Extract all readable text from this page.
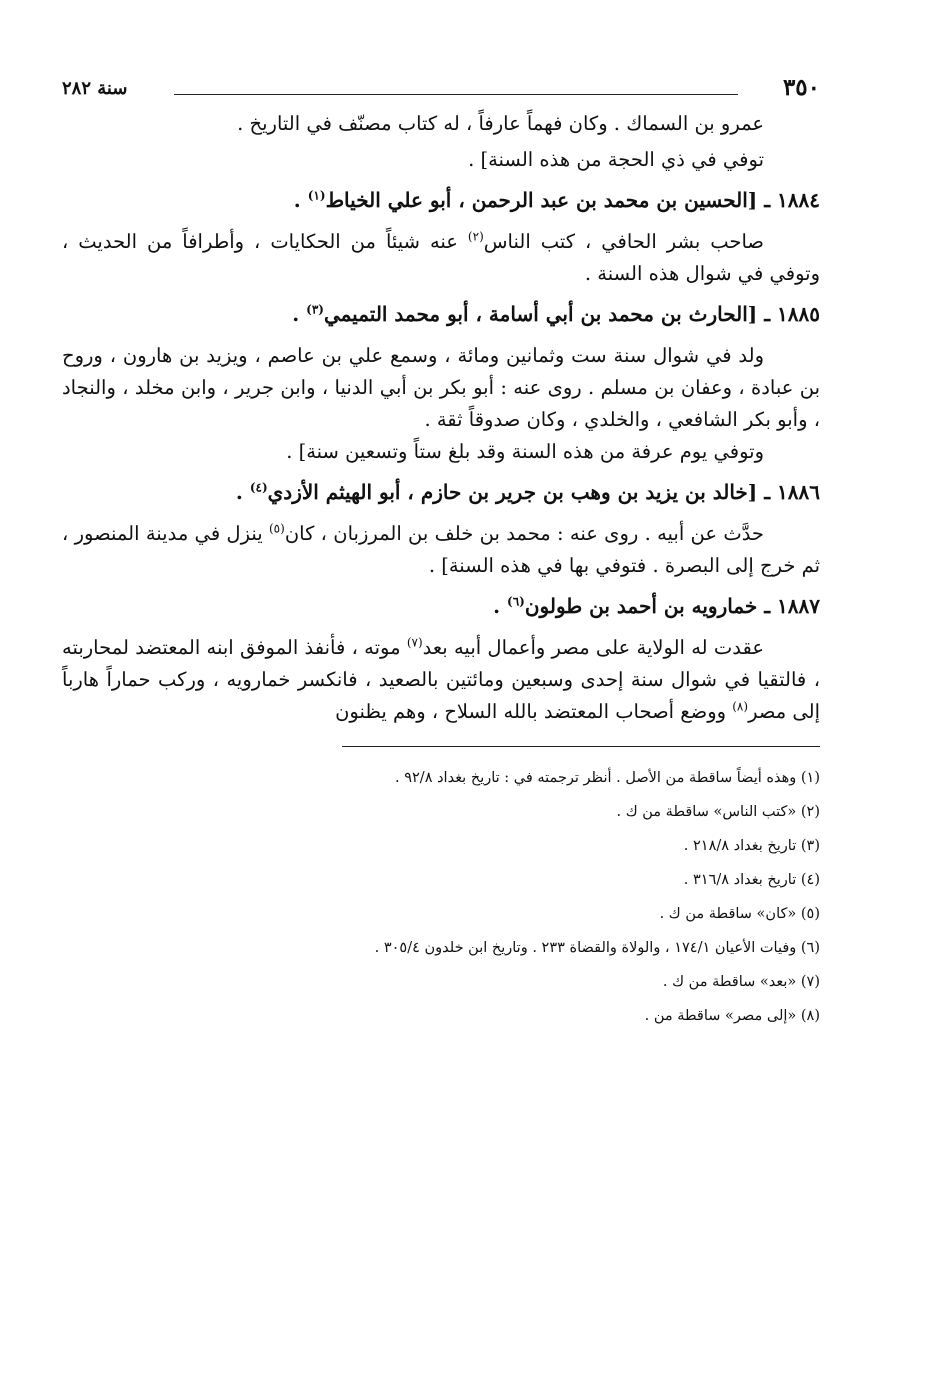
٣٥٠
سنة ٢٨٢

عمرو بن السماك . وكان فهماً عارفاً ، له كتاب مصنّف في التاريخ .

توفي في ذي الحجة من هذه السنة] .

١٨٨٤ ـ [الحسين بن محمد بن عبد الرحمن ، أبو علي الخياط$^{(١)}$ .

صاحب بشر الحافي ، كتب الناس$^{(٢)}$ عنه شيئاً من الحكايات ، وأطرافاً من الحديث ، وتوفي في شوال هذه السنة .

١٨٨٥ ـ [الحارث بن محمد بن أبي أسامة ، أبو محمد التميمي$^{(٣)}$ .

ولد في شوال سنة ست وثمانين ومائة ، وسمع علي بن عاصم ، ويزيد بن هارون ، وروح بن عبادة ، وعفان بن مسلم . روى عنه : أبو بكر بن أبي الدنيا ، وابن جرير ، وابن مخلد ، والنجاد ، وأبو بكر الشافعي ، والخلدي ، وكان صدوقاً ثقة .

وتوفي يوم عرفة من هذه السنة وقد بلغ ستاً وتسعين سنة] .

١٨٨٦ ـ [خالد بن يزيد بن وهب بن جرير بن حازم ، أبو الهيثم الأزدي$^{(٤)}$ .

حدَّث عن أبيه . روى عنه : محمد بن خلف بن المرزبان ، كان$^{(٥)}$ ينزل في مدينة المنصور ، ثم خرج إلى البصرة . فتوفي بها في هذه السنة] .

١٨٨٧ ـ خمارويه بن أحمد بن طولون$^{(٦)}$ .

عقدت له الولاية على مصر وأعمال أبيه بعد$^{(٧)}$ موته ، فأنفذ الموفق ابنه المعتضد لمحاربته ، فالتقيا في شوال سنة إحدى وسبعين ومائتين بالصعيد ، فانكسر خمارويه ، وركب حماراً هارباً إلى مصر$^{(٨)}$ ووضع أصحاب المعتضد بالله السلاح ، وهم يظنون

(١) وهذه أيضاً ساقطة من الأصل . أنظر ترجمته في : تاريخ بغداد ٩٢/٨ .

(٢) «كتب الناس» ساقطة من ك .

(٣) تاريخ بغداد ٢١٨/٨ .

(٤) تاريخ بغداد ٣١٦/٨ .

(٥) «كان» ساقطة من ك .

(٦) وفيات الأعيان ١٧٤/١ ، والولاة والقضاة ٢٣٣ . وتاريخ ابن خلدون ٣٠٥/٤ .

(٧) «بعد» ساقطة من ك .

(٨) «إلى مصر» ساقطة من .
